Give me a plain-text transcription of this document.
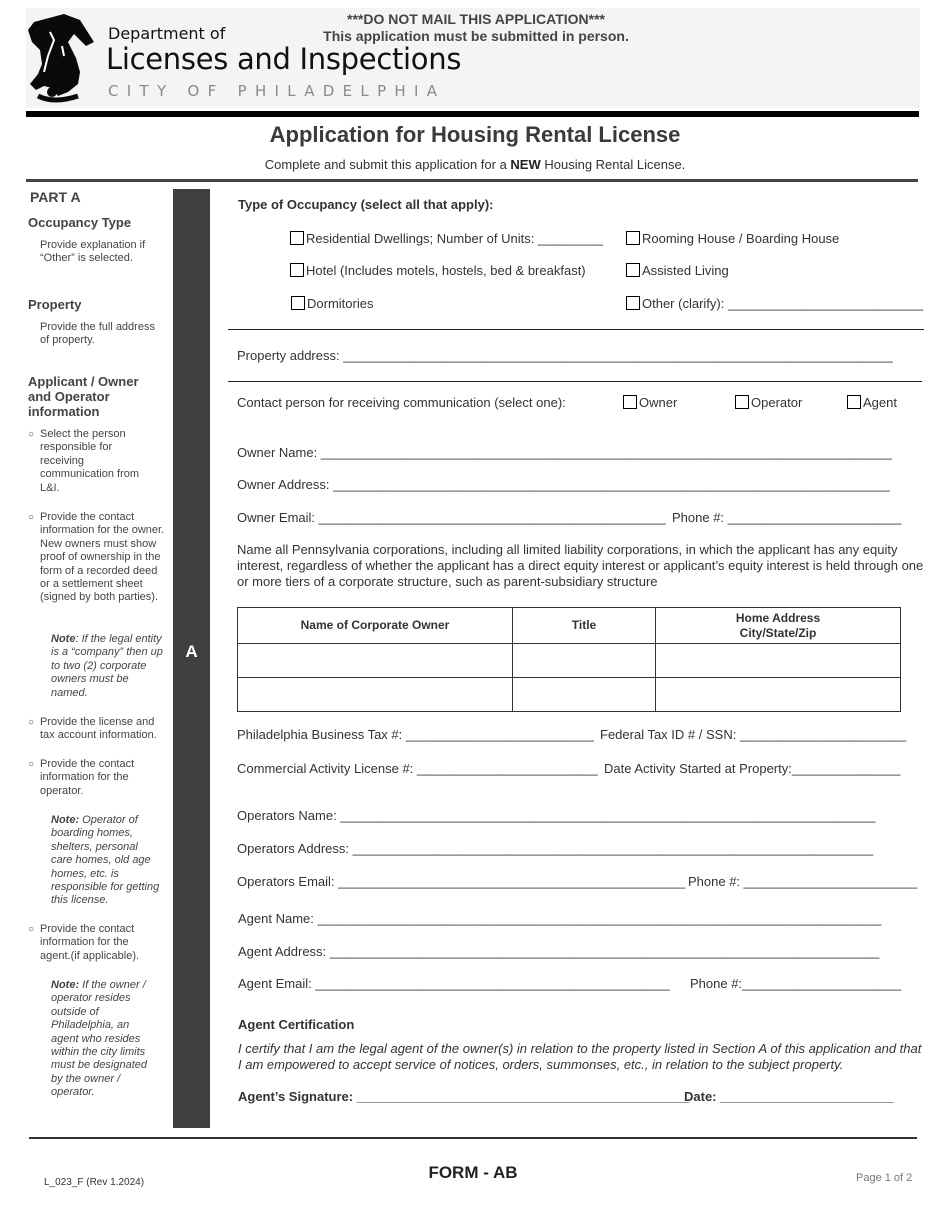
Department of
Licenses and Inspections
CITY OF PHILADELPHIA
***DO NOT MAIL THIS APPLICATION***
This application must be submitted in person.
Application for Housing Rental License
Complete and submit this application for a NEW Housing Rental License.
PART A
Occupancy Type
Provide explanation if “Other” is selected.
Property
Provide the full address of property.
Applicant / Owner and Operator information
○ Select the person responsible for receiving communication from L&I.
○ Provide the contact information for the owner. New owners must show proof of ownership in the form of a recorded deed or a settlement sheet (signed by both parties).
Note: If the legal entity is a “company” then up to two (2) corporate owners must be named.
○ Provide the license and tax account information.
○ Provide the contact information for the operator.
Note: Operator of boarding homes, shelters, personal care homes, old age homes, etc. is responsible for getting this license.
○ Provide the contact information for the agent.(if applicable).
Note: If the owner / operator resides outside of Philadelphia, an agent who resides within the city limits must be designated by the owner / operator.
A
Type of Occupancy (select all that apply):
Residential Dwellings; Number of Units: _________	Rooming House / Boarding House
Hotel (Includes motels, hostels, bed & breakfast)	Assisted Living
Dormitories	Other (clarify): ___________________________
Property address: ____________________________________________________________________________
Contact person for receiving communication (select one):	Owner	Operator	Agent
Owner Name: _______________________________________________________________________________
Owner Address: _____________________________________________________________________________
Owner Email: ________________________________________________ Phone #: ________________________
Name all Pennsylvania corporations, including all limited liability corporations, in which the applicant has any equity interest, regardless of whether the applicant has a direct equity interest or applicant’s equity interest is held through one or more tiers of a corporate structure, such as parent-subsidiary structure
Name of Corporate Owner	Title	Home Address
City/State/Zip

Philadelphia Business Tax #: __________________________ Federal Tax ID # / SSN: _______________________
Commercial Activity License #: _________________________ Date Activity Started at Property:_______________
Operators Name: __________________________________________________________________________
Operators Address: ________________________________________________________________________
Operators Email: ________________________________________________ Phone #: ________________________
Agent Name: ______________________________________________________________________________
Agent Address: ____________________________________________________________________________
Agent Email: _________________________________________________ Phone #:______________________
Agent Certification
I certify that I am the legal agent of the owner(s) in relation to the property listed in Section A of this application and that I am empowered to accept service of notices, orders, summonses, etc., in relation to the subject property.
Agent’s Signature: ______________________________________________
Date: ________________________
L_023_F (Rev 1.2024)
FORM - AB	Page 1 of 2
